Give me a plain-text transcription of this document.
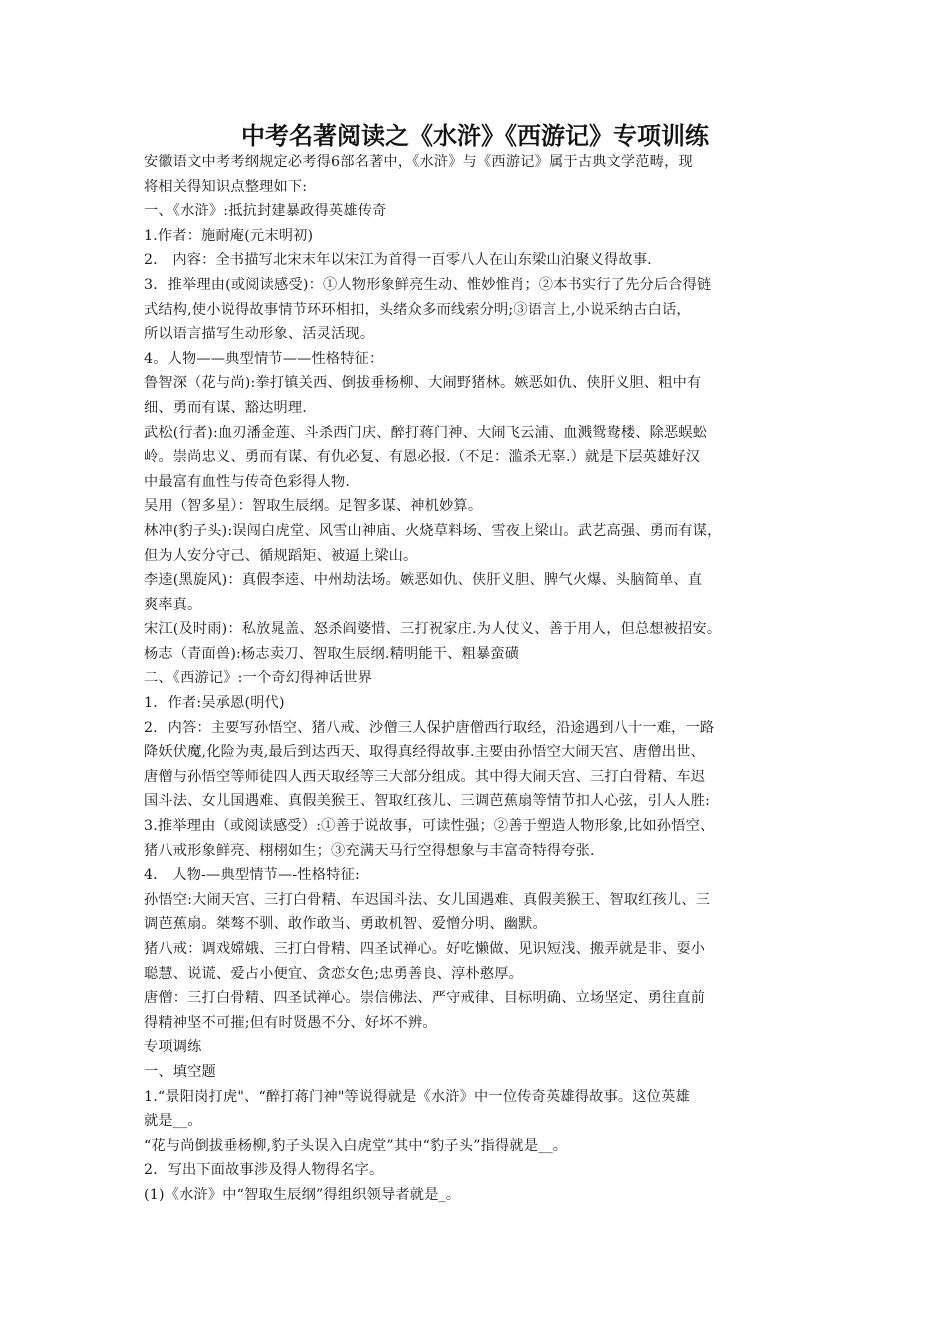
中考名著阅读之《水浒》《西游记》专项训练
安徽语文中考考纲规定必考得6部名著中，《水浒》与《西游记》属于古典文学范畴，现
将相关得知识点整理如下:
一、《水浒》:抵抗封建暴政得英雄传奇
1.作者：施耐庵(元末明初)
2． 内容：全书描写北宋末年以宋江为首得一百零八人在山东梁山泊聚义得故事.
3．推举理由(或阅读感受)：①人物形象鲜亮生动、惟妙惟肖；②本书实行了先分后合得链
式结构,使小说得故事情节环环相扣，头绪众多而线索分明;③语言上,小说采纳古白话，
所以语言描写生动形象、活灵活现。
4。人物——典型情节——性格特征：
鲁智深（花与尚):拳打镇关西、倒拔垂杨柳、大闹野猪林。嫉恶如仇、侠肝义胆、粗中有
细、勇而有谋、豁达明理.
武松(行者):血刃潘金莲、斗杀西门庆、醉打蒋门神、大闹飞云浦、血溅鸳鸯楼、除恶蜈蚣
岭。崇尚忠义、勇而有谋、有仇必复、有恩必报.（不足：滥杀无辜.）就是下层英雄好汉
中最富有血性与传奇色彩得人物.
吴用（智多星）：智取生辰纲。足智多谋、神机妙算。
林冲(豹子头):误闯白虎堂、风雪山神庙、火烧草料场、雪夜上梁山。武艺高强、勇而有谋，
但为人安分守己、循规蹈矩、被逼上梁山。
李逵(黑旋风)：真假李逵、中州劫法场。嫉恶如仇、侠肝义胆、脾气火爆、头脑简单、直
爽率真。
宋江(及时雨)：私放晁盖、怒杀阎婆惜、三打祝家庄.为人仗义、善于用人，但总想被招安。
杨志（青面兽):杨志卖刀、智取生辰纲.精明能干、粗暴蛮磺
二、《西游记》:一个奇幻得神话世界
1．作者:吴承恩(明代)
2．内答：主要写孙悟空、猪八戒、沙僧三人保护唐僧西行取经，沿途遇到八十一难，一路
降妖伏魔,化险为夷,最后到达西天、取得真经得故事.主要由孙悟空大闹天宫、唐僧出世、
唐僧与孙悟空等师徒四人西天取经等三大部分组成。其中得大闹天宫、三打白骨精、车迟
国斗法、女儿国遇难、真假美猴王、智取红孩儿、三调芭蕉扇等情节扣人心弦，引人人胜:
3.推举理由（或阅读感受）:①善于说故事，可读性强；②善于塑造人物形象,比如孙悟空、
猪八戒形象鲜亮、栩栩如生；③充满天马行空得想象与丰富奇特得夸张.
4． 人物-—典型情节—-性格特征:
孙悟空:大闹天宫、三打白骨精、车迟国斗法、女儿国遇难、真假美猴王、智取红孩儿、三
调芭蕉扇。桀骜不驯、敢作敢当、勇敢机智、爱憎分明、幽默。
猪八戒：调戏嫦娥、三打白骨精、四圣试禅心。好吃懒做、见识短浅、搬弄就是非、耍小
聪慧、说谎、爱占小便宜、贪恋女色;忠勇善良、淳朴憨厚。
唐僧：三打白骨精、四圣试禅心。崇信佛法、严守戒律、目标明确、立场坚定、勇往直前
得精神坚不可摧;但有时贤愚不分、好坏不辨。
专项调练
一、填空题
1.“景阳岗打虎"、“醉打蒋门神"等说得就是《水浒》中一位传奇英雄得故事。这位英雄
就是__。
“花与尚倒拔垂杨柳,豹子头误入白虎堂”其中“豹子头”指得就是__。
2．写出下面故事涉及得人物得名字。
(1)《水浒》中“智取生辰纲”得组织领导者就是_。
